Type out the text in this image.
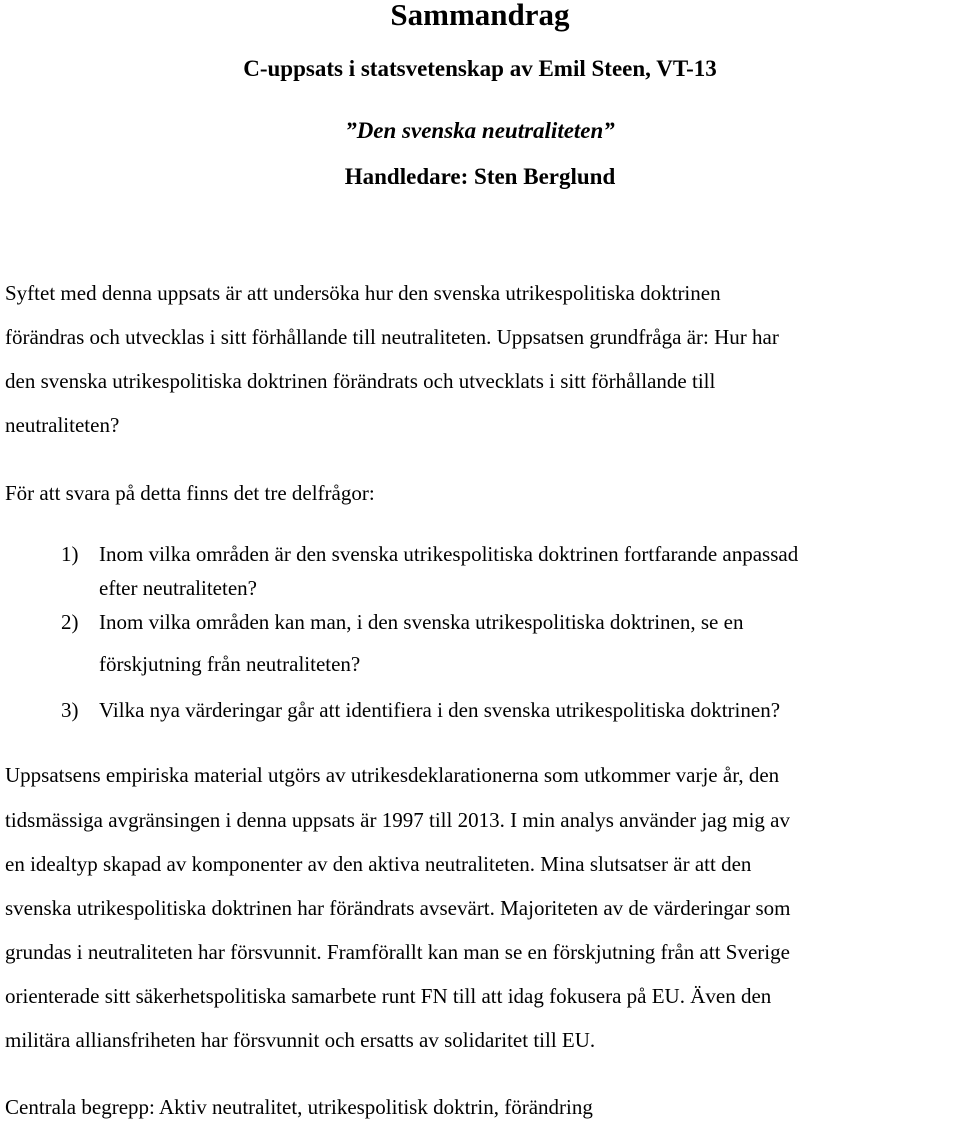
Sammandrag
C-uppsats i statsvetenskap av Emil Steen, VT-13
”Den svenska neutraliteten”
Handledare: Sten Berglund
Syftet med denna uppsats är att undersöka hur den svenska utrikespolitiska doktrinen
förändras och utvecklas i sitt förhållande till neutraliteten. Uppsatsen grundfråga är: Hur har
den svenska utrikespolitiska doktrinen förändrats och utvecklats i sitt förhållande till
neutraliteten?
För att svara på detta finns det tre delfrågor:
1) Inom vilka områden är den svenska utrikespolitiska doktrinen fortfarande anpassad
efter neutraliteten?
2) Inom vilka områden kan man, i den svenska utrikespolitiska doktrinen, se en
förskjutning från neutraliteten?
3) Vilka nya värderingar går att identifiera i den svenska utrikespolitiska doktrinen?
Uppsatsens empiriska material utgörs av utrikesdeklarationerna som utkommer varje år, den
tidsmässiga avgränsingen i denna uppsats är 1997 till 2013. I min analys använder jag mig av
en idealtyp skapad av komponenter av den aktiva neutraliteten. Mina slutsatser är att den
svenska utrikespolitiska doktrinen har förändrats avsevärt. Majoriteten av de värderingar som
grundas i neutraliteten har försvunnit. Framförallt kan man se en förskjutning från att Sverige
orienterade sitt säkerhetspolitiska samarbete runt FN till att idag fokusera på EU. Även den
militära alliansfriheten har försvunnit och ersatts av solidaritet till EU.
Centrala begrepp: Aktiv neutralitet, utrikespolitisk doktrin, förändring
